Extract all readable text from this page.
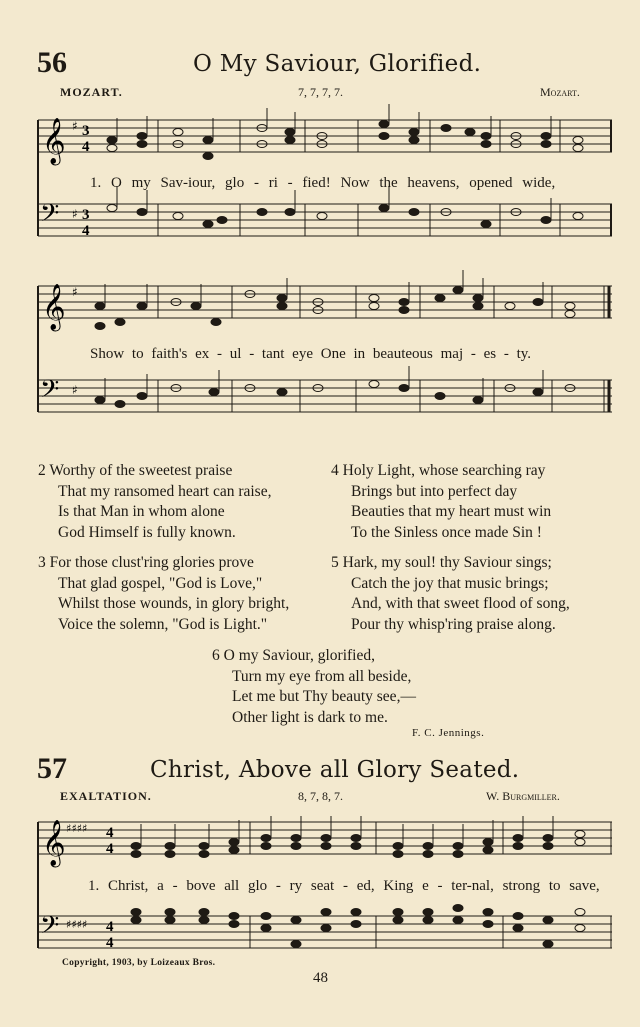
56	O My Saviour, Glorified.
MOZART.	7, 7, 7, 7.	Mozart.
𝄞
𝄢
♯
♯
3
4
3
4
1. O my Sav-iour, glo - ri - fied! Now the heavens, opened wide,
𝄞
𝄢
♯
♯
Show to faith's ex - ul - tant eye One in beauteous maj - es - ty.
2 Worthy of the sweetest praise
That my ransomed heart can raise,
Is that Man in whom alone
God Himself is fully known.
4 Holy Light, whose searching ray
Brings but into perfect day
Beauties that my heart must win
To the Sinless once made Sin !
3 For those clust'ring glories prove
That glad gospel, "God is Love,"
Whilst those wounds, in glory bright,
Voice the solemn, "God is Light."
5 Hark, my soul! thy Saviour sings;
Catch the joy that music brings;
And, with that sweet flood of song,
Pour thy whisp'ring praise along.
6 O my Saviour, glorified,
Turn my eye from all beside,
Let me but Thy beauty see,—
Other light is dark to me.
F. C. Jennings.
57	Christ, Above all Glory Seated.
EXALTATION.	8, 7, 8, 7.	W. Burgmiller.
𝄞
𝄢
♯♯♯♯
♯♯♯♯
4
4
4
4
1. Christ, a - bove all glo - ry seat - ed, King e - ter-nal, strong to save,
Copyright, 1903, by Loizeaux Bros.
48
